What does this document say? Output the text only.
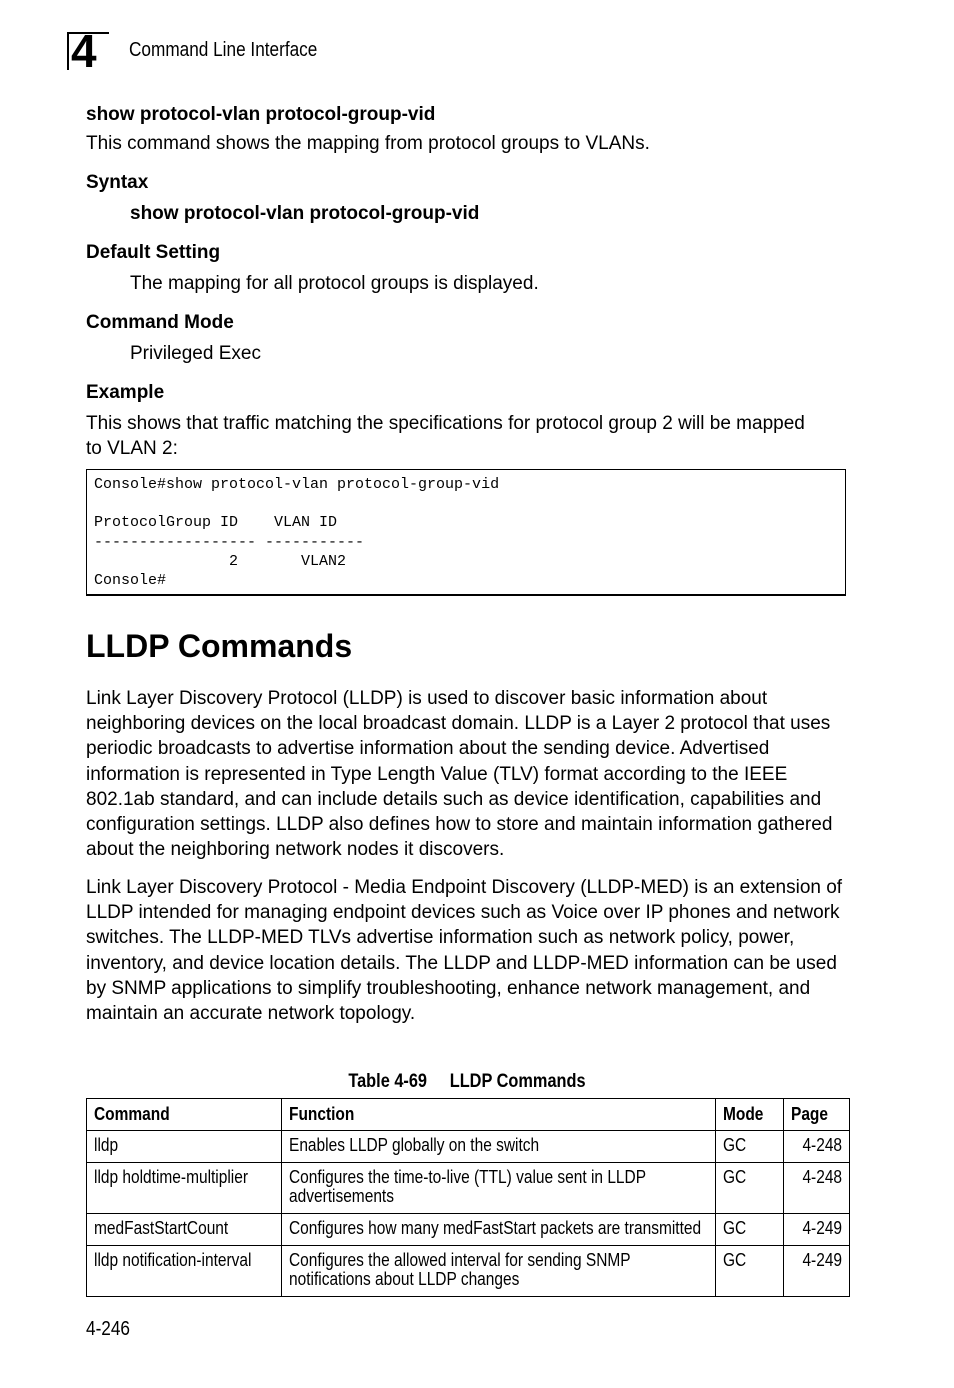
4 Command Line Interface
show protocol-vlan protocol-group-vid
This command shows the mapping from protocol groups to VLANs.
Syntax
show protocol-vlan protocol-group-vid
Default Setting
The mapping for all protocol groups is displayed.
Command Mode
Privileged Exec
Example
This shows that traffic matching the specifications for protocol group 2 will be mapped to VLAN 2:
Console#show protocol-vlan protocol-group-vid

ProtocolGroup ID    VLAN ID
------------------ -----------
2       VLAN2
Console#
LLDP Commands
Link Layer Discovery Protocol (LLDP) is used to discover basic information about neighboring devices on the local broadcast domain. LLDP is a Layer 2 protocol that uses periodic broadcasts to advertise information about the sending device. Advertised information is represented in Type Length Value (TLV) format according to the IEEE 802.1ab standard, and can include details such as device identification, capabilities and configuration settings. LLDP also defines how to store and maintain information gathered about the neighboring network nodes it discovers.
Link Layer Discovery Protocol - Media Endpoint Discovery (LLDP-MED) is an extension of LLDP intended for managing endpoint devices such as Voice over IP phones and network switches. The LLDP-MED TLVs advertise information such as network policy, power, inventory, and device location details. The LLDP and LLDP-MED information can be used by SNMP applications to simplify troubleshooting, enhance network management, and maintain an accurate network topology.
Table 4-69     LLDP Commands
Command	Function	Mode	Page
lldp	Enables LLDP globally on the switch	GC	4-248
lldp holdtime-multiplier	Configures the time-to-live (TTL) value sent in LLDP advertisements	GC	4-248
medFastStartCount	Configures how many medFastStart packets are transmitted	GC	4-249
lldp notification-interval	Configures the allowed interval for sending SNMP notifications about LLDP changes	GC	4-249
4-246
